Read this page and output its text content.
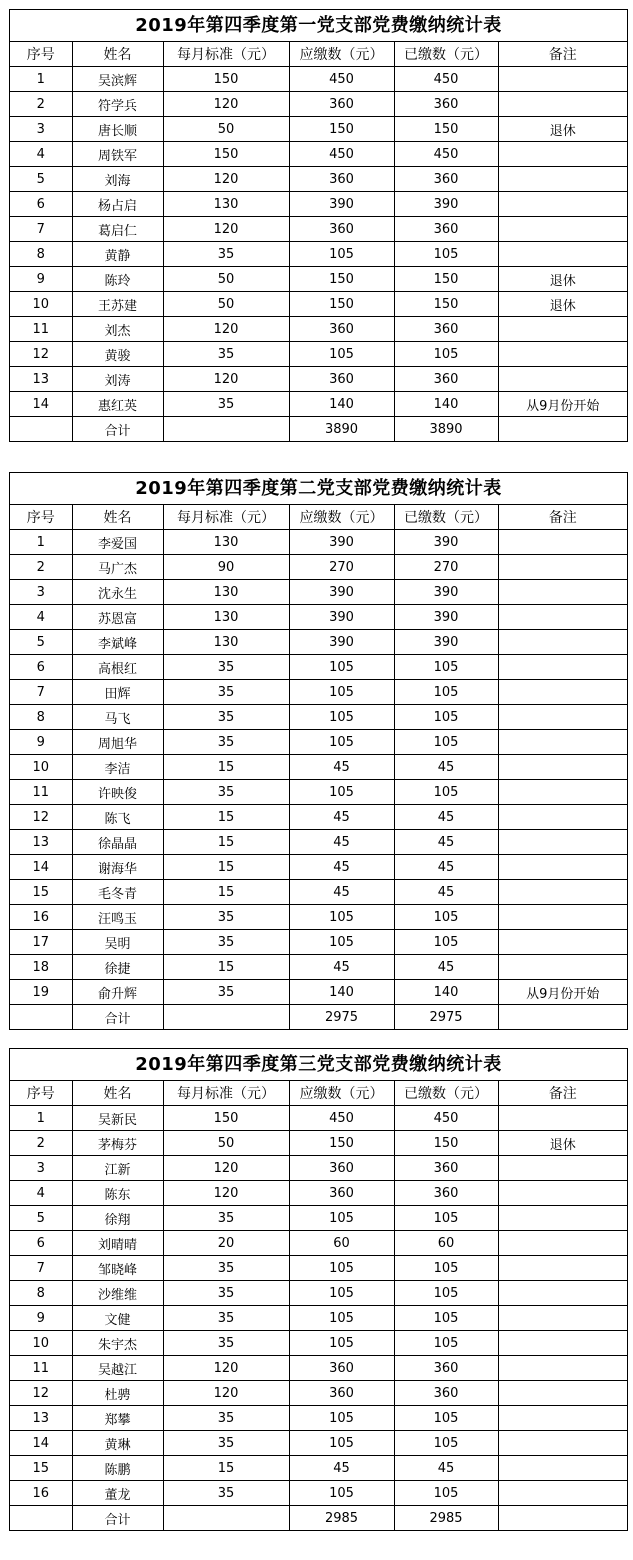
2019年第四季度第一党支部党费缴纳统计表
序号	姓名	每月标准（元）	应缴数（元）	已缴数（元）	备注
1	吴滨辉	150	450	450	
2	符学兵	120	360	360	
3	唐长顺	50	150	150	退休
4	周铁军	150	450	450	
5	刘海	120	360	360	
6	杨占启	130	390	390	
7	葛启仁	120	360	360	
8	黄静	35	105	105	
9	陈玲	50	150	150	退休
10	王苏建	50	150	150	退休
11	刘杰	120	360	360	
12	黄骏	35	105	105	
13	刘涛	120	360	360	
14	惠红英	35	140	140	从9月份开始
	合计		3890	3890	
2019年第四季度第二党支部党费缴纳统计表
序号	姓名	每月标准（元）	应缴数（元）	已缴数（元）	备注
1	李爱国	130	390	390	
2	马广杰	90	270	270	
3	沈永生	130	390	390	
4	苏恩富	130	390	390	
5	李斌峰	130	390	390	
6	高根红	35	105	105	
7	田辉	35	105	105	
8	马飞	35	105	105	
9	周旭华	35	105	105	
10	李洁	15	45	45	
11	许映俊	35	105	105	
12	陈飞	15	45	45	
13	徐晶晶	15	45	45	
14	谢海华	15	45	45	
15	毛冬青	15	45	45	
16	汪鸣玉	35	105	105	
17	吴明	35	105	105	
18	徐捷	15	45	45	
19	俞升辉	35	140	140	从9月份开始
	合计		2975	2975	
2019年第四季度第三党支部党费缴纳统计表
序号	姓名	每月标准（元）	应缴数（元）	已缴数（元）	备注
1	吴新民	150	450	450	
2	茅梅芬	50	150	150	退休
3	江新	120	360	360	
4	陈东	120	360	360	
5	徐翔	35	105	105	
6	刘晴晴	20	60	60	
7	邹晓峰	35	105	105	
8	沙维维	35	105	105	
9	文健	35	105	105	
10	朱宇杰	35	105	105	
11	吴越江	120	360	360	
12	杜骋	120	360	360	
13	郑攀	35	105	105	
14	黄琳	35	105	105	
15	陈鹏	15	45	45	
16	董龙	35	105	105	
	合计		2985	2985	
